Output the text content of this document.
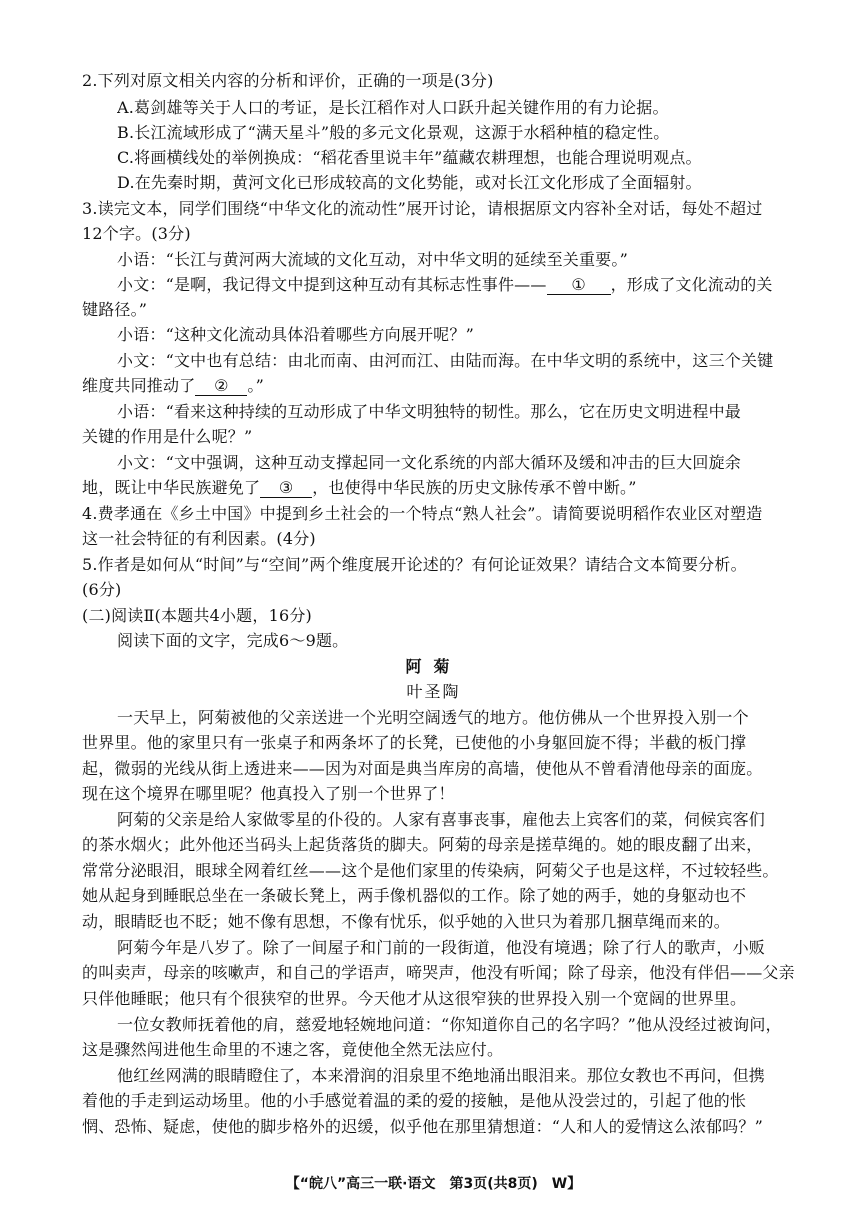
2.下列对原文相关内容的分析和评价，正确的一项是(3分)
A.葛剑雄等关于人口的考证，是长江稻作对人口跃升起关键作用的有力论据。
B.长江流域形成了“满天星斗”般的多元文化景观，这源于水稻种植的稳定性。
C.将画横线处的举例换成：“稻花香里说丰年”蕴藏农耕理想，也能合理说明观点。
D.在先秦时期，黄河文化已形成较高的文化势能，或对长江文化形成了全面辐射。
3.读完文本，同学们围绕“中华文化的流动性”展开讨论，请根据原文内容补全对话，每处不超过
12个字。(3分)
小语：“长江与黄河两大流域的文化互动，对中华文明的延续至关重要。”
小文：“是啊，我记得文中提到这种互动有其标志性事件—— ① ，形成了文化流动的关
键路径。”
小语：“这种文化流动具体沿着哪些方向展开呢？”
小文：“文中也有总结：由北而南、由河而江、由陆而海。在中华文明的系统中，这三个关键
维度共同推动了 ② 。”
小语：“看来这种持续的互动形成了中华文明独特的韧性。那么，它在历史文明进程中最
关键的作用是什么呢？”
小文：“文中强调，这种互动支撑起同一文化系统的内部大循环及缓和冲击的巨大回旋余
地，既让中华民族避免了 ③ ，也使得中华民族的历史文脉传承不曾中断。”
4.费孝通在《乡土中国》中提到乡土社会的一个特点“熟人社会”。请简要说明稻作农业区对塑造
这一社会特征的有利因素。(4分)
5.作者是如何从“时间”与“空间”两个维度展开论述的？有何论证效果？请结合文本简要分析。
(6分)
(二)阅读Ⅱ(本题共4小题，16分)
阅读下面的文字，完成6～9题。
阿菊
叶圣陶
一天早上，阿菊被他的父亲送进一个光明空阔透气的地方。他仿佛从一个世界投入别一个
世界里。他的家里只有一张桌子和两条坏了的长凳，已使他的小身躯回旋不得；半截的板门撑
起，微弱的光线从街上透进来——因为对面是典当库房的高墙，使他从不曾看清他母亲的面庞。
现在这个境界在哪里呢？他真投入了别一个世界了！
阿菊的父亲是给人家做零星的仆役的。人家有喜事丧事，雇他去上宾客们的菜，伺候宾客们
的茶水烟火；此外他还当码头上起货落货的脚夫。阿菊的母亲是搓草绳的。她的眼皮翻了出来，
常常分泌眼泪，眼球全网着红丝——这个是他们家里的传染病，阿菊父子也是这样，不过较轻些。
她从起身到睡眠总坐在一条破长凳上，两手像机器似的工作。除了她的两手，她的身躯动也不
动，眼睛眨也不眨；她不像有思想，不像有忧乐，似乎她的入世只为着那几捆草绳而来的。
阿菊今年是八岁了。除了一间屋子和门前的一段街道，他没有境遇；除了行人的歌声，小贩
的叫卖声，母亲的咳嗽声，和自己的学语声，啼哭声，他没有听闻；除了母亲，他没有伴侣——父亲
只伴他睡眠；他只有个很狭窄的世界。今天他才从这很窄狭的世界投入别一个宽阔的世界里。
一位女教师抚着他的肩，慈爱地轻婉地问道：“你知道你自己的名字吗？”他从没经过被询问，
这是骤然闯进他生命里的不速之客，竟使他全然无法应付。
他红丝网满的眼睛瞪住了，本来滑润的泪泉里不绝地涌出眼泪来。那位女教也不再问，但携
着他的手走到运动场里。他的小手感觉着温的柔的爱的接触，是他从没尝过的，引起了他的怅
惘、恐怖、疑虑，使他的脚步格外的迟缓，似乎他在那里猜想道：“人和人的爱情这么浓郁吗？”
【“皖八”高三一联·语文　第3页(共8页)　W】
